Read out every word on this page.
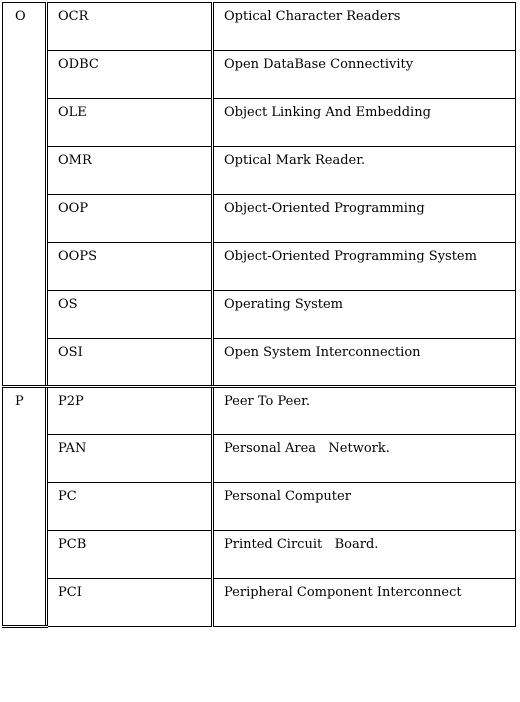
O	OCR	Optical Character Readers
	ODBC	Open DataBase Connectivity
	OLE	Object Linking And Embedding
	OMR	Optical Mark Reader.
	OOP	Object-Oriented Programming
	OOPS	Object-Oriented Programming System
	OS	Operating System
	OSI	Open System Interconnection
P	P2P	Peer To Peer.
	PAN	Personal Area   Network.
	PC	Personal Computer
	PCB	Printed Circuit   Board.
	PCI	Peripheral Component Interconnect
